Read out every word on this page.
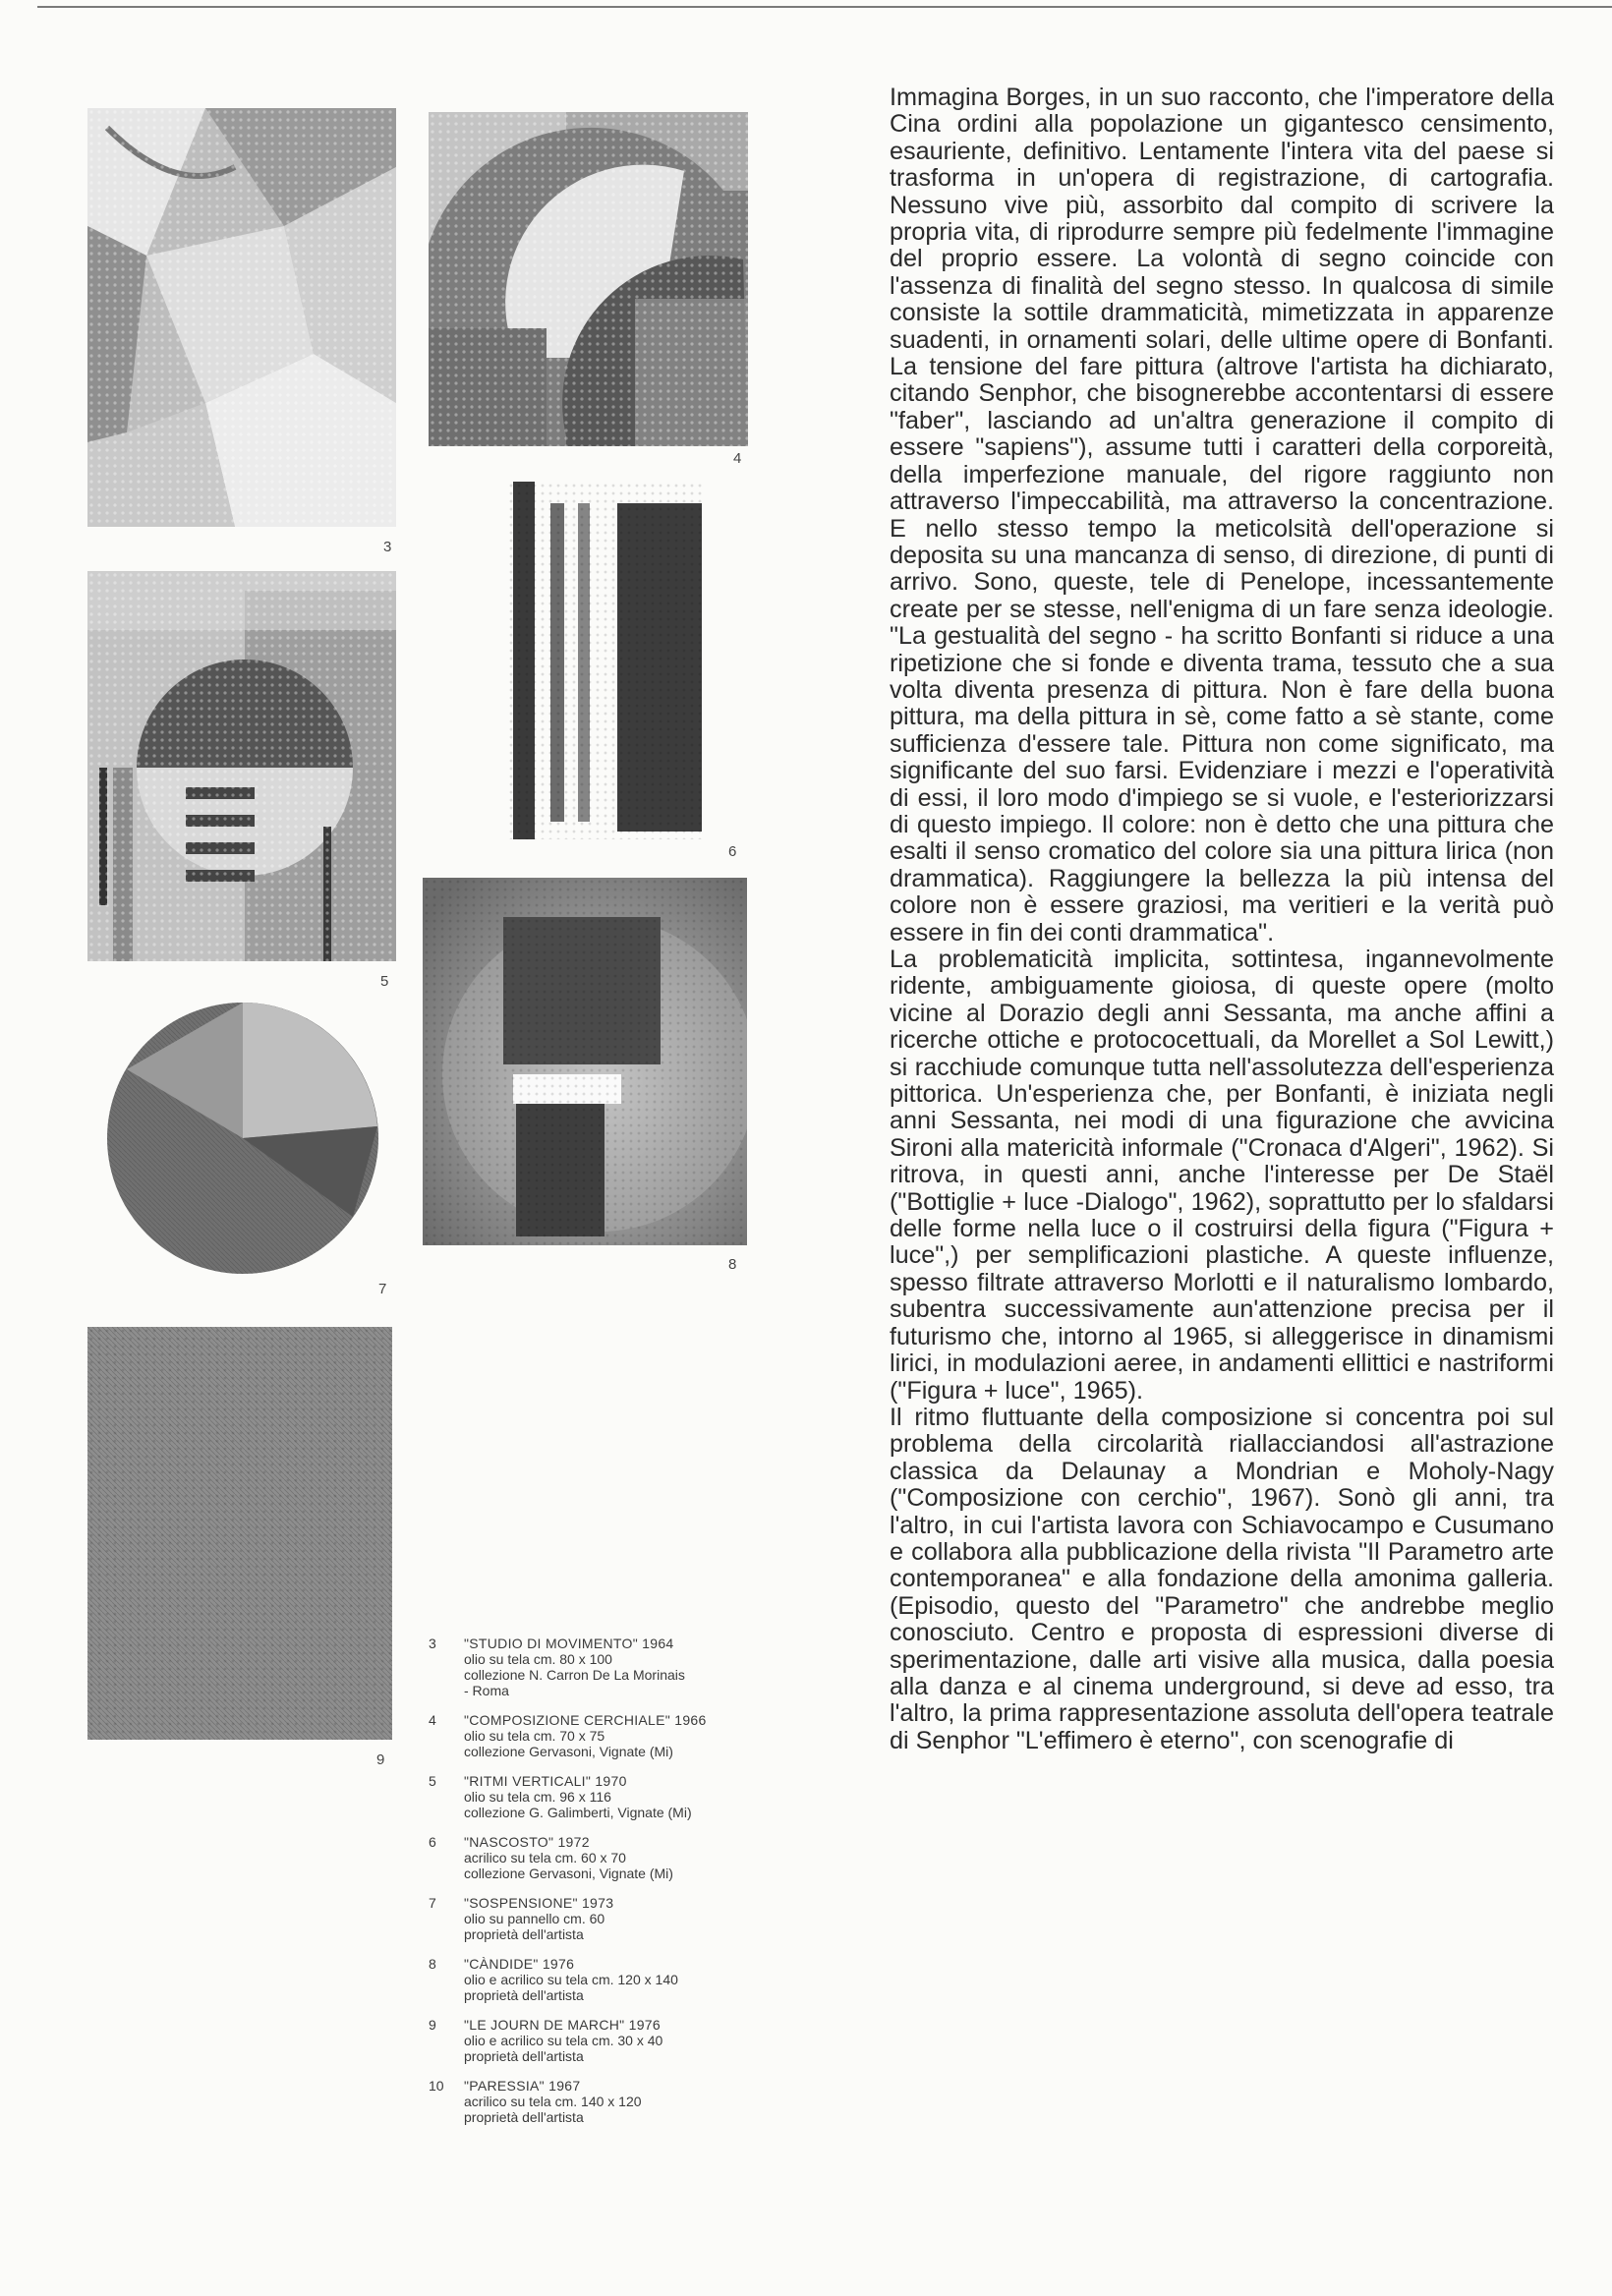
3
4
5
6
7
8
9
3 "STUDIO DI MOVIMENTO" 1964
olio su tela cm. 80 x 100
collezione N. Carron De La Morinais
- Roma
4 "COMPOSIZIONE CERCHIALE" 1966
olio su tela cm. 70 x 75
collezione Gervasoni, Vignate (Mi)
5 "RITMI VERTICALI" 1970
olio su tela cm. 96 x 116
collezione G. Galimberti, Vignate (Mi)
6 "NASCOSTO" 1972
acrilico su tela cm. 60 x 70
collezione Gervasoni, Vignate (Mi)
7 "SOSPENSIONE" 1973
olio su pannello cm. 60
proprietà dell'artista
8 "CÀNDIDE" 1976
olio e acrilico su tela cm. 120 x 140
proprietà dell'artista
9 "LE JOURN DE MARCH" 1976
olio e acrilico su tela cm. 30 x 40
proprietà dell'artista
10 "PARESSIA" 1967
acrilico su tela cm. 140 x 120
proprietà dell'artista

Immagina Borges, in un suo racconto, che l'imperatore della Cina ordini alla popolazione un gigantesco censimento, esauriente, definitivo. Lentamente l'intera vita del paese si trasforma in un'opera di registrazione, di cartografia. Nessuno vive più, assorbito dal compito di scrivere la propria vita, di riprodurre sempre più fedelmente l'immagine del proprio essere. La volontà di segno coincide con l'assenza di finalità del segno stesso. In qualcosa di simile consiste la sottile drammaticità, mimetizzata in apparenze suadenti, in ornamenti solari, delle ultime opere di Bonfanti. La tensione del fare pittura (altrove l'artista ha dichiarato, citando Senphor, che bisognerebbe accontentarsi di essere "faber", lasciando ad un'altra generazione il compito di essere "sapiens"), assume tutti i caratteri della corporeità, della imperfezione manuale, del rigore raggiunto non attraverso l'impeccabilità, ma attraverso la concentrazione. E nello stesso tempo la meticolsità dell'operazione si deposita su una mancanza di senso, di direzione, di punti di arrivo. Sono, queste, tele di Penelope, incessantemente create per se stesse, nell'enigma di un fare senza ideologie. "La gestualità del segno - ha scritto Bonfanti si riduce a una ripetizione che si fonde e diventa trama, tessuto che a sua volta diventa presenza di pittura. Non è fare della buona pittura, ma della pittura in sè, come fatto a sè stante, come sufficienza d'essere tale. Pittura non come significato, ma significante del suo farsi. Evidenziare i mezzi e l'operatività di essi, il loro modo d'impiego se si vuole, e l'esteriorizzarsi di questo impiego. Il colore: non è detto che una pittura che esalti il senso cromatico del colore sia una pittura lirica (non drammatica). Raggiungere la bellezza la più intensa del colore non è essere graziosi, ma veritieri e la verità può essere in fin dei conti drammatica".

La problematicità implicita, sottintesa, ingannevolmente ridente, ambiguamente gioiosa, di queste opere (molto vicine al Dorazio degli anni Sessanta, ma anche affini a ricerche ottiche e protococettuali, da Morellet a Sol Lewitt,) si racchiude comunque tutta nell'assolutezza dell'esperienza pittorica. Un'esperienza che, per Bonfanti, è iniziata negli anni Sessanta, nei modi di una figurazione che avvicina Sironi alla matericità informale ("Cronaca d'Algeri", 1962). Si ritrova, in questi anni, anche l'interesse per De Staël ("Bottiglie + luce -Dialogo", 1962), soprattutto per lo sfaldarsi delle forme nella luce o il costruirsi della figura ("Figura + luce",) per semplificazioni plastiche. A queste influenze, spesso filtrate attraverso Morlotti e il naturalismo lombardo, subentra successivamente aun'attenzione precisa per il futurismo che, intorno al 1965, si alleggerisce in dinamismi lirici, in modulazioni aeree, in andamenti ellittici e nastriformi ("Figura + luce", 1965).

Il ritmo fluttuante della composizione si concentra poi sul problema della circolarità riallacciandosi all'astrazione classica da Delaunay a Mondrian e Moholy-Nagy ("Composizione con cerchio", 1967). Sonò gli anni, tra l'altro, in cui l'artista lavora con Schiavocampo e Cusumano e collabora alla pubblicazione della rivista "Il Parametro arte contemporanea" e alla fondazione della amonima galleria. (Episodio, questo del "Parametro" che andrebbe meglio conosciuto. Centro e proposta di espressioni diverse di sperimentazione, dalle arti visive alla musica, dalla poesia alla danza e al cinema underground, si deve ad esso, tra l'altro, la prima rappresentazione assoluta dell'opera teatrale di Senphor "L'effimero è eterno", con scenografie di
